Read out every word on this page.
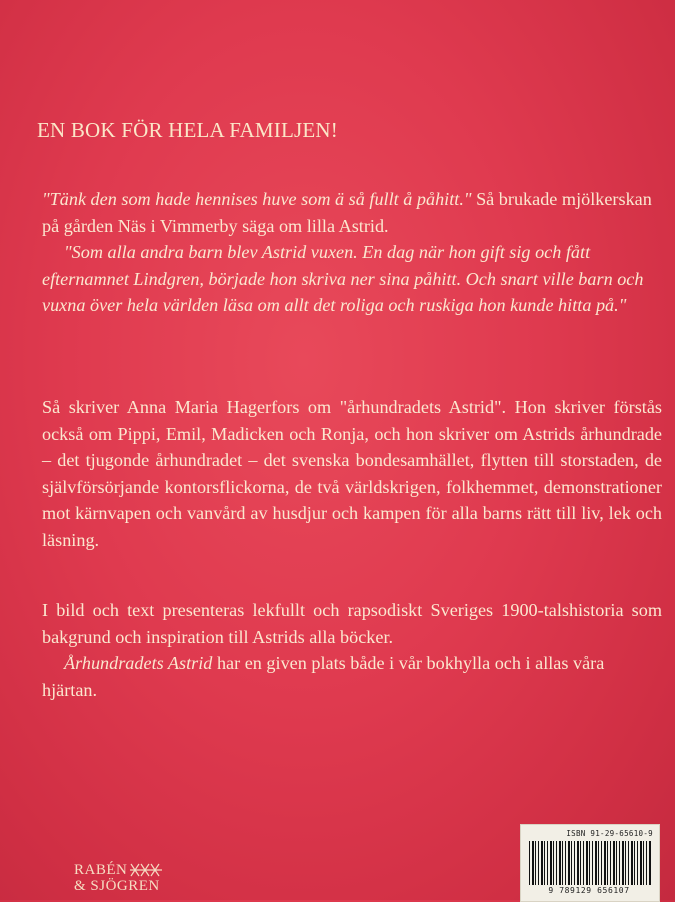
EN BOK FÖR HELA FAMILJEN!

"Tänk den som hade hennises huve som ä så fullt å påhitt." Så brukade mjölkerskan på gården Näs i Vimmerby säga om lilla Astrid.

"Som alla andra barn blev Astrid vuxen. En dag när hon gift sig och fått efternamnet Lindgren, började hon skriva ner sina påhitt. Och snart ville barn och vuxna över hela världen läsa om allt det roliga och ruskiga hon kunde hitta på."

Så skriver Anna Maria Hagerfors om "århundradets Astrid". Hon skriver förstås också om Pippi, Emil, Madicken och Ronja, och hon skriver om Astrids århundrade – det tjugonde århundradet – det svenska bondesamhället, flytten till storstaden, de självförsörjande kontorsflickorna, de två världskrigen, folkhemmet, demonstrationer mot kärnvapen och vanvård av husdjur och kampen för alla barns rätt till liv, lek och läsning.

I bild och text presenteras lekfullt och rapsodiskt Sveriges 1900-talshistoria som bakgrund och inspiration till Astrids alla böcker.

Århundradets Astrid har en given plats både i vår bokhylla och i allas våra hjärtan.

ISBN 91-29-65610-9
9 789129 656107
RABÉN
& SJÖGREN
